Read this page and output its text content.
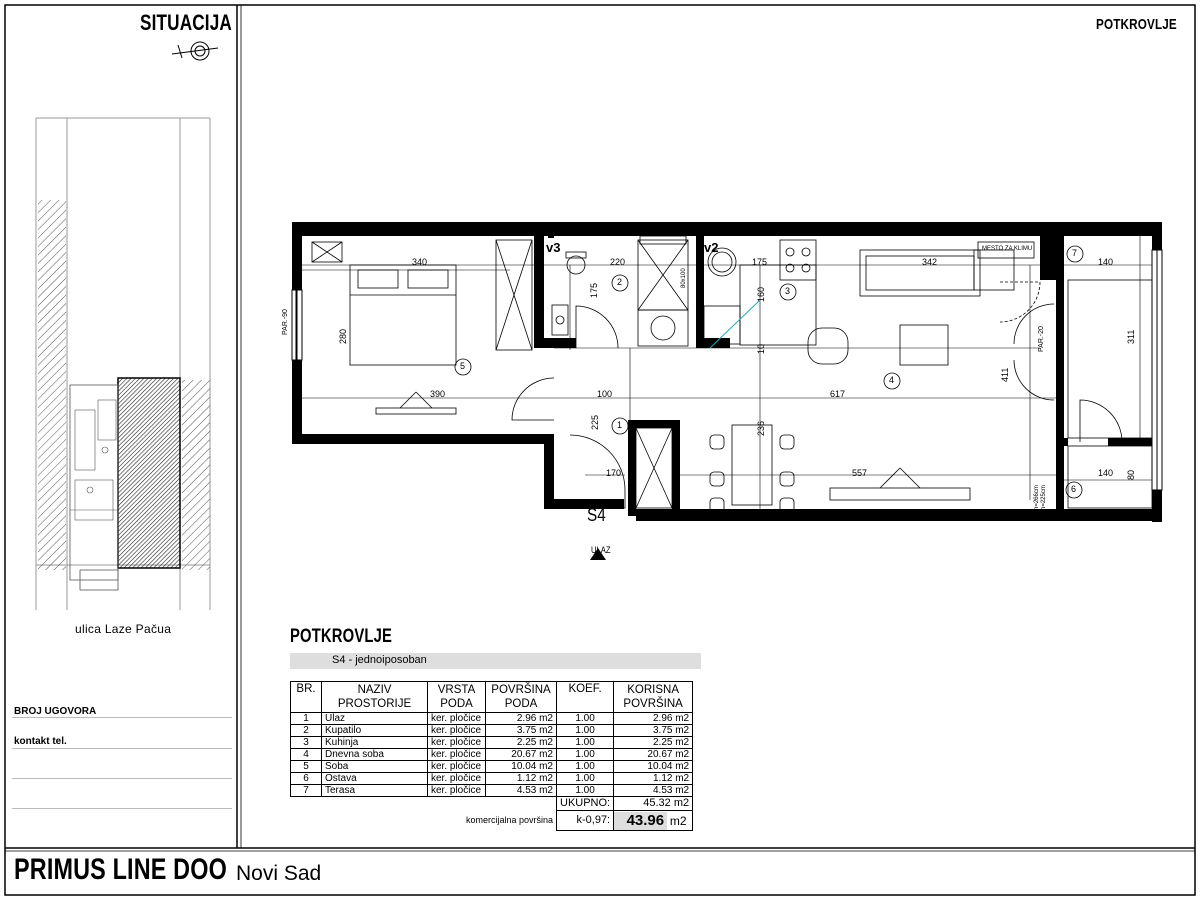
SITUACIJA
ulica Laze Pačua
BROJ UGOVORA
kontakt tel.
POTKROVLJE
5
2
3
4
1
6
7
v3	v2	MESTO ZA KLIMU
PAR.-90
PAR.-20
h=266cm h=225cm
80x100
340	220	175	342	140
175
280
160
10
311
390	100	617
411
225	236
170	557	140 80
S4
ULAZ
POTKROVLJE
S4 - jednoiposoban
BR.	NAZIV PROSTORIJE	VRSTA PODA	POVRŠINA PODA	KOEF.	KORISNA POVRŠINA
1	Ulaz	ker. pločice	2.96 m2	1.00	2.96 m2
2	Kupatilo	ker. pločice	3.75 m2	1.00	3.75 m2
3	Kuhinja	ker. pločice	2.25 m2	1.00	2.25 m2
4	Dnevna soba	ker. pločice	20.67 m2	1.00	20.67 m2
5	Soba	ker. pločice	10.04 m2	1.00	10.04 m2
6	Ostava	ker. pločice	1.12 m2	1.00	1.12 m2
7	Terasa	ker. pločice	4.53 m2	1.00	4.53 m2
				UKUPNO:	45.32 m2
komercijalna površina				k-0,97:	43.96 m2
PRIMUS LINE DOO Novi Sad
